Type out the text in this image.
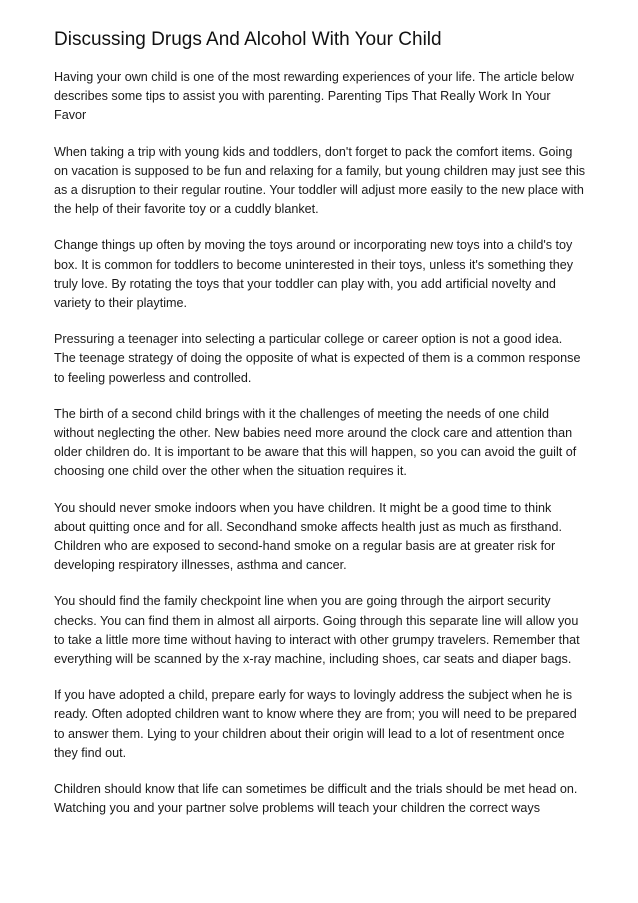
Discussing Drugs And Alcohol With Your Child

Having your own child is one of the most rewarding experiences of your life. The article below describes some tips to assist you with parenting. Parenting Tips That Really Work In Your Favor

When taking a trip with young kids and toddlers, don't forget to pack the comfort items. Going on vacation is supposed to be fun and relaxing for a family, but young children may just see this as a disruption to their regular routine. Your toddler will adjust more easily to the new place with the help of their favorite toy or a cuddly blanket.

Change things up often by moving the toys around or incorporating new toys into a child's toy box. It is common for toddlers to become uninterested in their toys, unless it's something they truly love. By rotating the toys that your toddler can play with, you add artificial novelty and variety to their playtime.

Pressuring a teenager into selecting a particular college or career option is not a good idea. The teenage strategy of doing the opposite of what is expected of them is a common response to feeling powerless and controlled.

The birth of a second child brings with it the challenges of meeting the needs of one child without neglecting the other. New babies need more around the clock care and attention than older children do. It is important to be aware that this will happen, so you can avoid the guilt of choosing one child over the other when the situation requires it.

You should never smoke indoors when you have children. It might be a good time to think about quitting once and for all. Secondhand smoke affects health just as much as firsthand. Children who are exposed to second-hand smoke on a regular basis are at greater risk for developing respiratory illnesses, asthma and cancer.

You should find the family checkpoint line when you are going through the airport security checks. You can find them in almost all airports. Going through this separate line will allow you to take a little more time without having to interact with other grumpy travelers. Remember that everything will be scanned by the x-ray machine, including shoes, car seats and diaper bags.

If you have adopted a child, prepare early for ways to lovingly address the subject when he is ready. Often adopted children want to know where they are from; you will need to be prepared to answer them. Lying to your children about their origin will lead to a lot of resentment once they find out.

Children should know that life can sometimes be difficult and the trials should be met head on. Watching you and your partner solve problems will teach your children the correct ways
